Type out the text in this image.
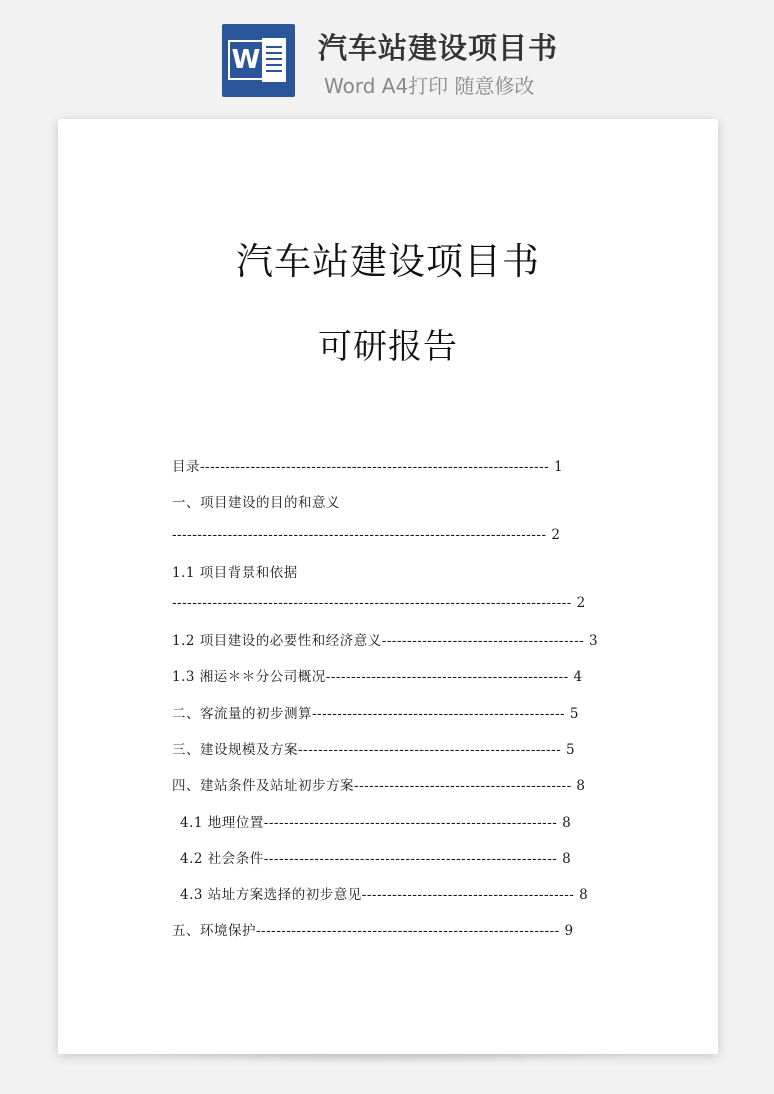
W 汽车站建设项目书
Word A4打印 随意修改
汽车站建设项目书
可研报告
目录--------------------------------------------------------------------- 1
一、项目建设的目的和意义
-------------------------------------------------------------------------- 2
1.1 项目背景和依据
------------------------------------------------------------------------------- 2
1.2 项目建设的必要性和经济意义---------------------------------------- 3
1.3 湘运＊＊分公司概况------------------------------------------------ 4
二、客流量的初步测算-------------------------------------------------- 5
三、建设规模及方案---------------------------------------------------- 5
四、建站条件及站址初步方案------------------------------------------- 8
4.1 地理位置---------------------------------------------------------- 8
4.2 社会条件---------------------------------------------------------- 8
4.3 站址方案选择的初步意见------------------------------------------ 8
五、环境保护------------------------------------------------------------ 9
